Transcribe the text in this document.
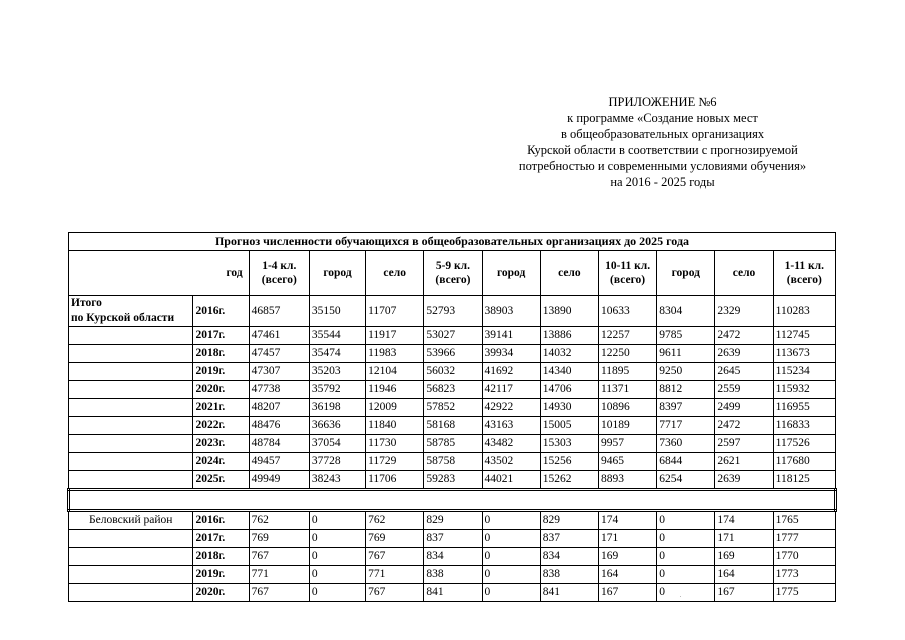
ПРИЛОЖЕНИЕ №6
к программе «Создание новых мест
в общеобразовательных организациях
Курской области в соответствии с прогнозируемой
потребностью и современными условиями обучения»
на 2016 - 2025 годы
Прогноз численности обучающихся в общеобразовательных организациях до 2025 года											
год		1-4 кл. (всего)	город	село	5-9 кл. (всего)	город	село	10-11 кл. (всего)	город	село	1-11 кл. (всего)

Итого
по Курской области	2016г.	46857	35150	11707	52793	38903	13890	10633	8304	2329	110283
	2017г.	47461	35544	11917	53027	39141	13886	12257	9785	2472	112745
	2018г.	47457	35474	11983	53966	39934	14032	12250	9611	2639	113673
	2019г.	47307	35203	12104	56032	41692	14340	11895	9250	2645	115234
	2020г.	47738	35792	11946	56823	42117	14706	11371	8812	2559	115932
	2021г.	48207	36198	12009	57852	42922	14930	10896	8397	2499	116955
	2022г.	48476	36636	11840	58168	43163	15005	10189	7717	2472	116833
	2023г.	48784	37054	11730	58785	43482	15303	9957	7360	2597	117526
	2024г.	49457	37728	11729	58758	43502	15256	9465	6844	2621	117680
	2025г.	49949	38243	11706	59283	44021	15262	8893	6254	2639	118125

Беловский район	2016г.	762	0	762	829	0	829	174	0	174	1765
	2017г.	769	0	769	837	0	837	171	0	171	1777
	2018г.	767	0	767	834	0	834	169	0	169	1770
	2019г.	771	0	771	838	0	838	164	0	164	1773
	2020г.	767	0	767	841	0	841	167	0	167	1775
